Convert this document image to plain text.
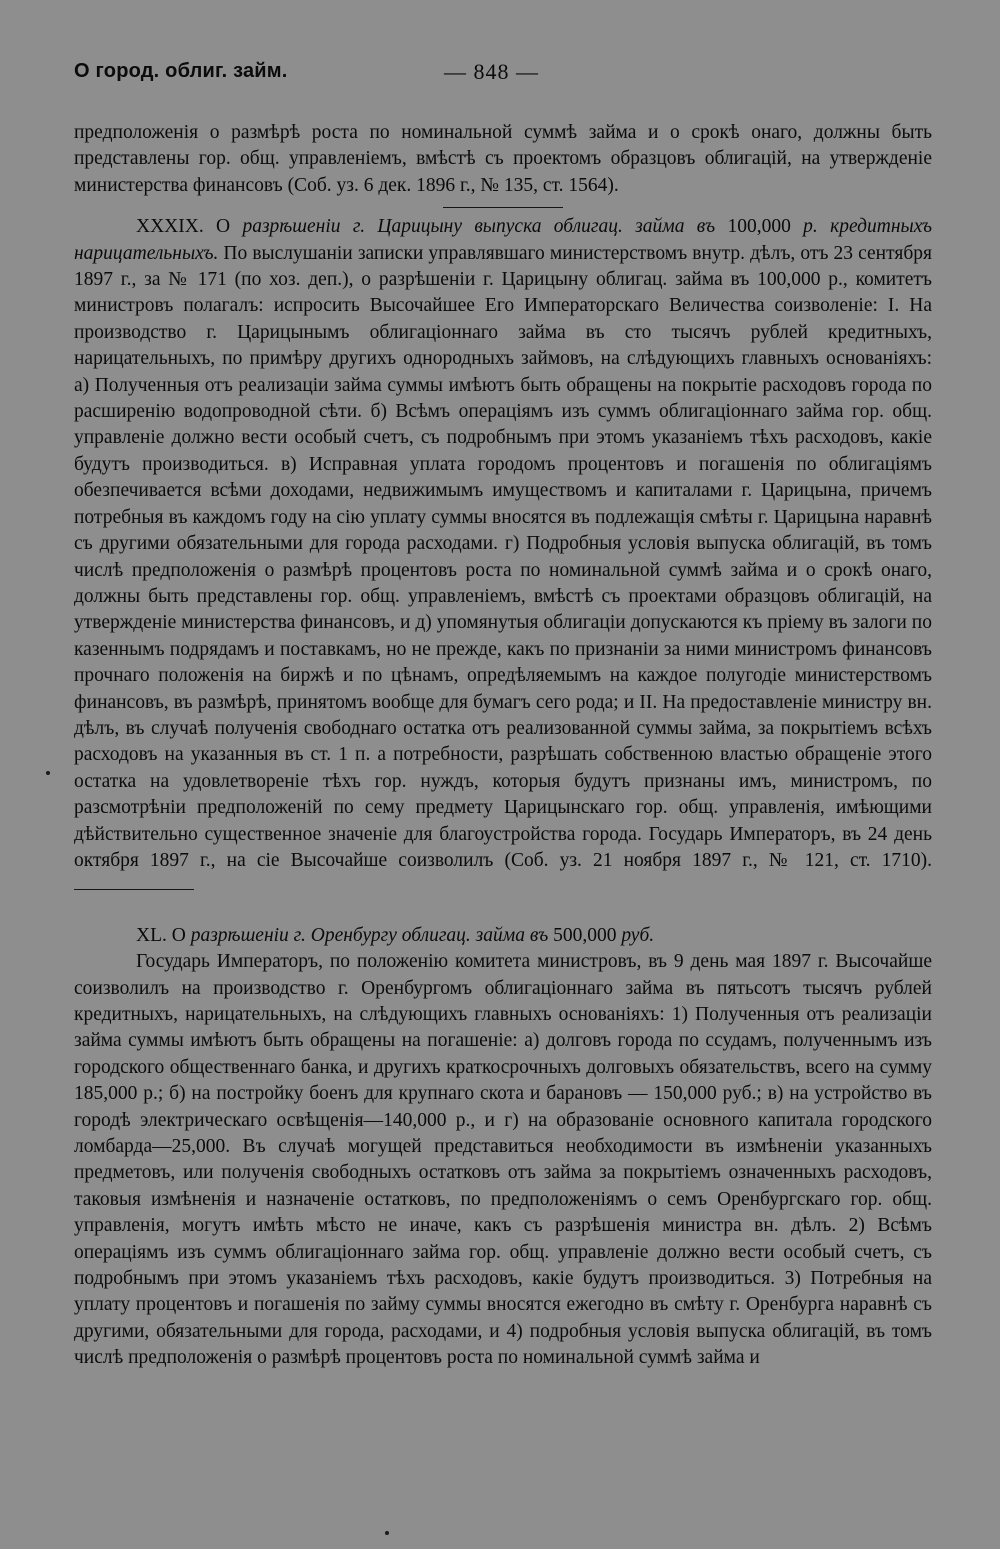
О город. облиг. займ.	— 848 —

предположенія о размѣрѣ роста по номинальной суммѣ займа и о срокѣ онаго, должны быть представлены гор. общ. управленіемъ, вмѣстѣ съ проектомъ образцовъ облигацій, на утвержденіе министерства финансовъ (Соб. уз. 6 дек. 1896 г., № 135, ст. 1564).

XXXIX. О разрѣшеніи г. Царицыну выпуска облигац. займа въ 100,000 р. кредитныхъ нарицательныхъ. По выслушаніи записки управлявшаго министерствомъ внутр. дѣлъ, отъ 23 сентября 1897 г., за № 171 (по хоз. деп.), о разрѣшеніи г. Царицыну облигац. займа въ 100,000 р., комитетъ министровъ полагалъ: испросить Высочайшее Его Императорскаго Величества соизволеніе: I. На производство г. Царицынымъ облигаціоннаго займа въ сто тысячъ рублей кредитныхъ, нарицательныхъ, по примѣру другихъ однородныхъ займовъ, на слѣдующихъ главныхъ основаніяхъ: а) Полученныя отъ реализаціи займа суммы имѣютъ быть обращены на покрытіе расходовъ города по расширенію водопроводной сѣти. б) Всѣмъ операціямъ изъ суммъ облигаціоннаго займа гор. общ. управленіе должно вести особый счетъ, съ подробнымъ при этомъ указаніемъ тѣхъ расходовъ, какіе будутъ производиться. в) Исправная уплата городомъ процентовъ и погашенія по облигаціямъ обезпечивается всѣми доходами, недвижимымъ имуществомъ и капиталами г. Царицына, причемъ потребныя въ каждомъ году на сію уплату суммы вносятся въ подлежащія смѣты г. Царицына наравнѣ съ другими обязательными для города расходами. г) Подробныя условія выпуска облигацій, въ томъ числѣ предположенія о размѣрѣ процентовъ роста по номинальной суммѣ займа и о срокѣ онаго, должны быть представлены гор. общ. управленіемъ, вмѣстѣ съ проектами образцовъ облигацій, на утвержденіе министерства финансовъ, и д) упомянутыя облигаціи допускаются къ пріему въ залоги по казеннымъ подрядамъ и поставкамъ, но не прежде, какъ по признаніи за ними министромъ финансовъ прочнаго положенія на биржѣ и по цѣнамъ, опредѣляемымъ на каждое полугодіе министерствомъ финансовъ, въ размѣрѣ, принятомъ вообще для бумагъ сего рода; и II. На предоставленіе министру вн. дѣлъ, въ случаѣ полученія свободнаго остатка отъ реализованной суммы займа, за покрытіемъ всѣхъ расходовъ на указанныя въ ст. 1 п. а потребности, разрѣшать собственною властью обращеніе этого остатка на удовлетвореніе тѣхъ гор. нуждъ, которыя будутъ признаны имъ, министромъ, по разсмотрѣніи предположеній по сему предмету Царицынскаго гор. общ. управленія, имѣющими дѣйствительно существенное значеніе для благоустройства города. Государь Императоръ, въ 24 день октября 1897 г., на сіе Высочайше соизволилъ (Соб. уз. 21 ноября 1897 г., № 121, ст. 1710).

XL. О разрѣшеніи г. Оренбургу облигац. займа въ 500,000 руб.

Государь Императоръ, по положенію комитета министровъ, въ 9 день мая 1897 г. Высочайше соизволилъ на производство г. Оренбургомъ облигаціоннаго займа въ пятьсотъ тысячъ рублей кредитныхъ, нарицательныхъ, на слѣдующихъ главныхъ основаніяхъ: 1) Полученныя отъ реализаціи займа суммы имѣютъ быть обращены на погашеніе: а) долговъ города по ссудамъ, полученнымъ изъ городского общественнаго банка, и другихъ краткосрочныхъ долговыхъ обязательствъ, всего на сумму 185,000 р.; б) на постройку боенъ для крупнаго скота и барановъ — 150,000 руб.; в) на устройство въ городѣ электрическаго освѣщенія—140,000 р., и г) на образованіе основного капитала городского ломбарда—25,000. Въ случаѣ могущей представиться необходимости въ измѣненіи указанныхъ предметовъ, или полученія свободныхъ остатковъ отъ займа за покрытіемъ означенныхъ расходовъ, таковыя измѣненія и назначеніе остатковъ, по предположеніямъ о семъ Оренбургскаго гор. общ. управленія, могутъ имѣть мѣсто не иначе, какъ съ разрѣшенія министра вн. дѣлъ. 2) Всѣмъ операціямъ изъ суммъ облигаціоннаго займа гор. общ. управленіе должно вести особый счетъ, съ подробнымъ при этомъ указаніемъ тѣхъ расходовъ, какіе будутъ производиться. 3) Потребныя на уплату процентовъ и погашенія по займу суммы вносятся ежегодно въ смѣту г. Оренбурга наравнѣ съ другими, обязательными для города, расходами, и 4) подробныя условія выпуска облигацій, въ томъ числѣ предположенія о размѣрѣ процентовъ роста по номинальной суммѣ займа и
